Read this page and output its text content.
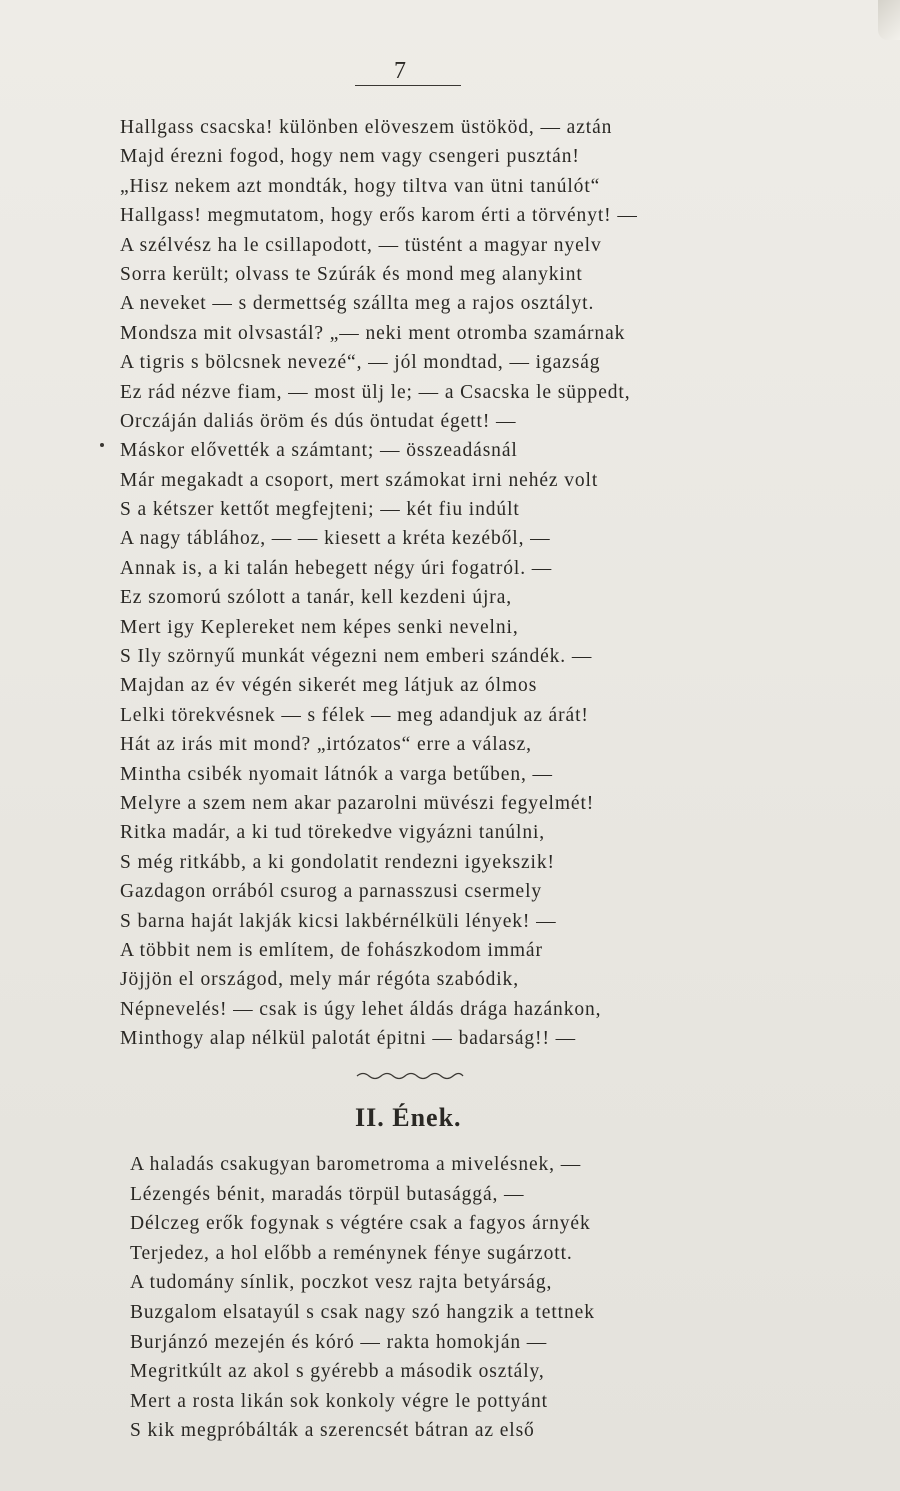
7
Hallgass csacska! különben elöveszem üstököd, — aztán
Majd érezni fogod, hogy nem vagy csengeri pusztán!
„Hisz nekem azt mondták, hogy tiltva van ütni tanúlót“
Hallgass! megmutatom, hogy erős karom érti a törvényt! —
A szélvész ha le csillapodott, — tüstént a magyar nyelv
Sorra került; olvass te Szúrák és mond meg alanykint
A neveket — s dermettség szállta meg a rajos osztályt.
Mondsza mit olvsastál? „— neki ment otromba szamárnak
A tigris s bölcsnek nevezé“, — jól mondtad, — igazság
Ez rád nézve fiam, — most ülj le; — a Csacska le süppedt,
Orczáján daliás öröm és dús öntudat égett! —
Máskor elővették a számtant; — összeadásnál
Már megakadt a csoport, mert számokat irni nehéz volt
S a kétszer kettőt megfejteni; — két fiu indúlt
A nagy táblához, — — kiesett a kréta kezéből, —
Annak is, a ki talán hebegett négy úri fogatról. —
Ez szomorú szólott a tanár, kell kezdeni újra,
Mert igy Keplereket nem képes senki nevelni,
S Ily szörnyű munkát végezni nem emberi szándék. —
Majdan az év végén sikerét meg látjuk az ólmos
Lelki törekvésnek — s félek — meg adandjuk az árát!
Hát az irás mit mond? „irtózatos“ erre a válasz,
Mintha csibék nyomait látnók a varga betűben, —
Melyre a szem nem akar pazarolni müvészi fegyelmét!
Ritka madár, a ki tud törekedve vigyázni tanúlni,
S még ritkább, a ki gondolatit rendezni igyekszik!
Gazdagon orrából csurog a parnasszusi csermely
S barna haját lakják kicsi lakbérnélküli lények! —
A többit nem is említem, de fohászkodom immár
Jöjjön el országod, mely már régóta szabódik,
Népnevelés! — csak is úgy lehet áldás drága hazánkon,
Minthogy alap nélkül palotát épitni — badarság!! —
II. Ének.
A haladás csakugyan barometroma a mivelésnek, —
Lézengés bénit, maradás törpül butasággá, —
Délczeg erők fogynak s végtére csak a fagyos árnyék
Terjedez, a hol előbb a reménynek fénye sugárzott.
A tudomány sínlik, poczkot vesz rajta betyárság,
Buzgalom elsatayúl s csak nagy szó hangzik a tettnek
Burjánzó mezején és kóró — rakta homokján —
Megritkúlt az akol s gyérebb a második osztály,
Mert a rosta likán sok konkoly végre le pottyánt
S kik megpróbálták a szerencsét bátran az első
